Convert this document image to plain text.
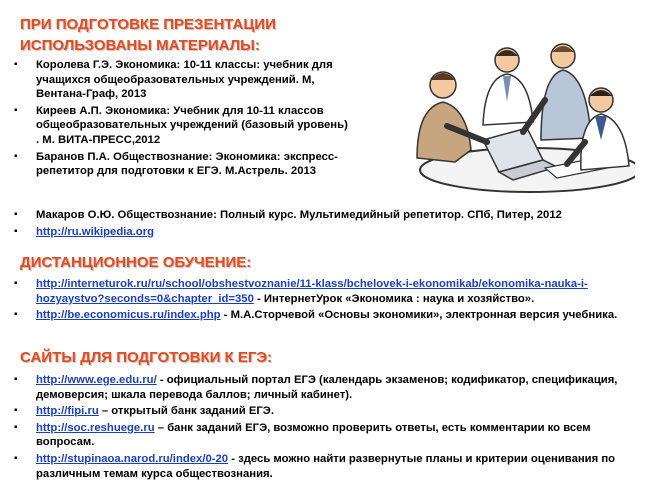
ПРИ ПОДГОТОВКЕ ПРЕЗЕНТАЦИИ
ИСПОЛЬЗОВАНЫ МАТЕРИАЛЫ:
▪ Королева Г.Э. Экономика: 10-11 классы: учебник для учащихся общеобразовательных учреждений. М, Вентана-Граф, 2013
▪ Киреев А.П. Экономика: Учебник для 10-11 классов общеобразовательных учреждений (базовый уровень) . М. ВИТА-ПРЕСС,2012
▪ Баранов П.А. Обществознание: Экономика: экспресс-репетитор для подготовки к ЕГЭ. М.Астрель. 2013
▪ Макаров О.Ю. Обществознание: Полный курс. Мультимедийный репетитор. СПб, Питер, 2012
▪ http://ru.wikipedia.org
ДИСТАНЦИОННОЕ ОБУЧЕНИЕ:
▪ http://interneturok.ru/ru/school/obshestvoznanie/11-klass/bchelovek-i-ekonomikab/ekonomika-nauka-i-hozyaystvo?seconds=0&chapter_id=350 - ИнтернетУрок «Экономика : наука и хозяйство».
▪ http://be.economicus.ru/index.php - М.А.Сторчевой «Основы экономики», электронная версия учебника.
САЙТЫ ДЛЯ ПОДГОТОВКИ К ЕГЭ:
▪ http://www.ege.edu.ru/ - официальный портал ЕГЭ (календарь экзаменов; кодификатор, спецификация, демоверсия; шкала перевода баллов; личный кабинет).
▪ http://fipi.ru – открытый банк заданий ЕГЭ.
▪ http://soc.reshuege.ru – банк заданий ЕГЭ, возможно проверить ответы, есть комментарии ко всем вопросам.
▪ http://stupinaoa.narod.ru/index/0-20 - здесь можно найти развернутые планы и критерии оценивания по различным темам курса обществознания.
